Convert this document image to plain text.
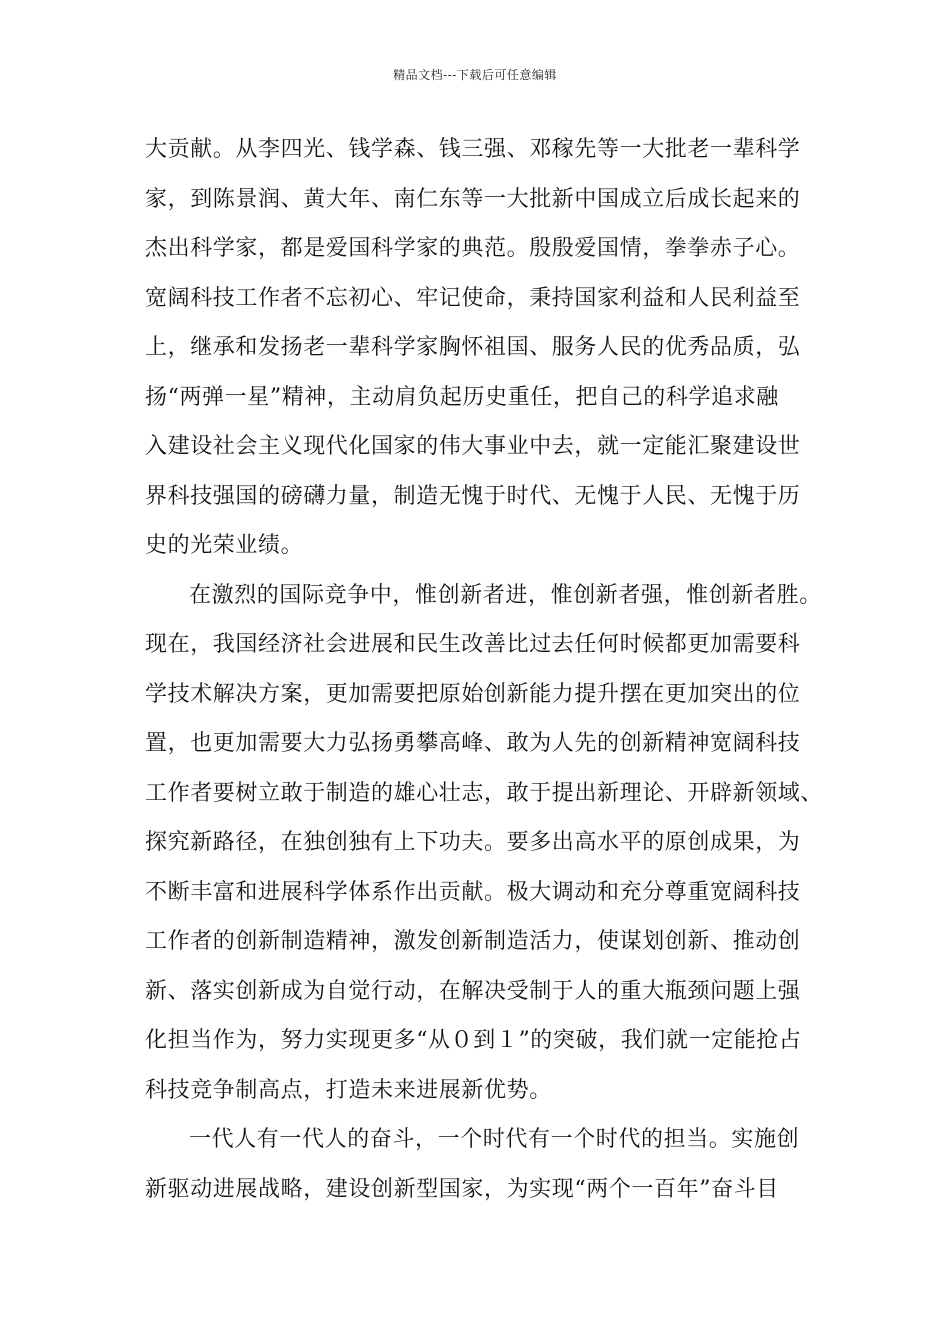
精品文档---下载后可任意编辑
大贡献。从李四光、钱学森、钱三强、邓稼先等一大批老一辈科学
家，到陈景润、黄大年、南仁东等一大批新中国成立后成长起来的
杰出科学家，都是爱国科学家的典范。殷殷爱国情，拳拳赤子心。
宽阔科技工作者不忘初心、牢记使命，秉持国家利益和人民利益至
上，继承和发扬老一辈科学家胸怀祖国、服务人民的优秀品质，弘
扬“两弹一星”精神，主动肩负起历史重任，把自己的科学追求融
入建设社会主义现代化国家的伟大事业中去，就一定能汇聚建设世
界科技强国的磅礴力量，制造无愧于时代、无愧于人民、无愧于历
史的光荣业绩。
在激烈的国际竞争中，惟创新者进，惟创新者强，惟创新者胜。
现在，我国经济社会进展和民生改善比过去任何时候都更加需要科
学技术解决方案，更加需要把原始创新能力提升摆在更加突出的位
置，也更加需要大力弘扬勇攀高峰、敢为人先的创新精神宽阔科技
工作者要树立敢于制造的雄心壮志，敢于提出新理论、开辟新领域、
探究新路径，在独创独有上下功夫。要多出高水平的原创成果，为
不断丰富和进展科学体系作出贡献。极大调动和充分尊重宽阔科技
工作者的创新制造精神，激发创新制造活力，使谋划创新、推动创
新、落实创新成为自觉行动，在解决受制于人的重大瓶颈问题上强
化担当作为，努力实现更多“从０到１”的突破，我们就一定能抢占
科技竞争制高点，打造未来进展新优势。
一代人有一代人的奋斗，一个时代有一个时代的担当。实施创
新驱动进展战略，建设创新型国家，为实现“两个一百年”奋斗目
